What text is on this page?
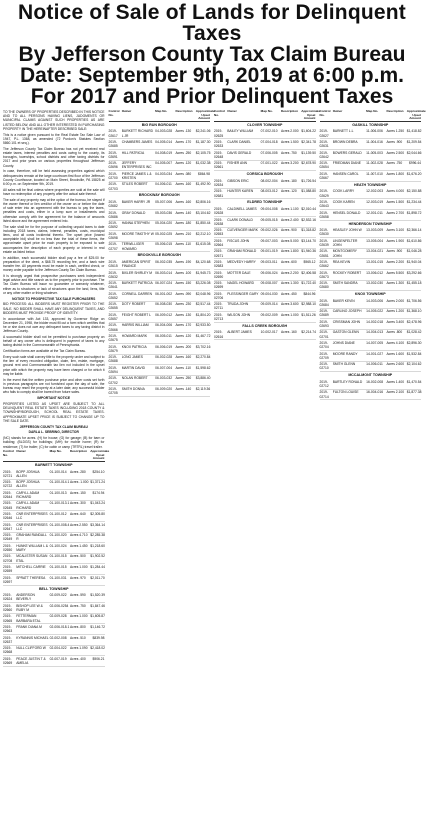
Notice of Sale of Lands for Delinquent Taxes
By Jefferson County Tax Claim Bureau
Date: September 9th, 2019 at 6:00 p.m.
For 2017 and Prior Delinquent Taxes

TO THE OWNERS OF PROPERTIES DESCRIBED IN THIS NOTICE AND TO ALL PERSONS HAVING LIENS, JUDGMENTS OR MUNICIPAL CLAIMS AGAINST SUCH PROPERTIES AS ARE LISTED BELOW, AND ALL OTHER INTERESTED IN PURCHASING PROPERTY IN THE HEREINAFTER DESCRIBED SALE:

This is a notice given pursuant to the Real Estate Tax Sale Law of 1947, P.L. 1368, as amended (72 Purdon's Statutes Section 5860.101 et seq.).

The Jefferson County Tax Claim Bureau has not yet received real estate taxes, interest penalties and costs owing to the county, its boroughs, townships, school districts and other taxing districts for 2017 and prior years on various properties throughout Jefferson County.

In case, therefore, will be held assessing properties against which delinquencies remain at the large courtroom first floor of the Jefferson County Courthouse, located on Main Street, Brookville, PA 15825 at 6:00 p.m. on September 9th, 2019.

All sales will be final unless where properties are sold at the sale will have no redemption of any property after the actual sale thereof.

The sale of any property may at the option of the bureau, be stayed if the owner thereof or lien creditor of the owner on or before the date of sale enter into an agreement with the bureau to pay the taxes, penalties and costs, either in a lump sum or installments and otherwise comply with the agreement for the balance of amounts listed above and the agreement entered into.

The sale shall be for the purpose of collecting unpaid taxes to date including 2018 taxes, claims, interest, penalties, costs, municipal liens, and all costs incidental thereto. The upset price (lowest acceptable bid) shall be no less than the total of these items, the approximate upset price for each property to be exposed to sale accompanies the description of each property or interest in real estate as listed below.

In addition, each successful bidder shall pay a fee of $25.00 for preparation of the deed, a $68.75 recording fee, and a bank wire transfer fee. All payments must be made in cash, certified check, or money order payable to the Jefferson County Tax Claim Bureau.

It is strongly urged that prospective purchasers seek independent legal advice and title search as to the property prior to purchase. The Tax Claim Bureau will issue no guarantee or warranty whatever, either as to structures or lack of structures upon the land, liens, title or any other matter or thing whatever.

NOTICE TO PROSPECTIVE TAX SALE PURCHASERS

BID PROCESS: ALL BIDDERS MUST REGISTER PRIOR TO THE SALE. NO BIDDER SHALL HAVE ANY DELINQUENT TAXES, AND BIDDERS MUST PROVIDE PROOF OF IDENTITY.

In accordance with Act 133, approved by Governor Ridge on December 21, 1998, the bidder must fill out a form which certifies that he or she does not owe any delinquent taxes to any taxing district in Jefferson County.

A successful bidder shall not be permitted to purchase property on behalf of any owner who is delinquent in payment of taxes to any taxing district in the Commonwealth of Pennsylvania.

Certification forms are available at the Tax Claim Bureau.

Every such sale shall convey title to the property under and subject to the lien of every recorded obligation, claim, lien, estate, mortgage, ground rent and Commonwealth tax lien not included in the upset price with which the property may have been charged or for which it may be liable.

In the event that the written purchase price and other costs set forth in previous paragraphs are not furnished upon the day of sale, the bureau may resell the property at a later date; any successful bidder who fails to comply shall be barred from future sales.

IMPORTANT NOTICE

PROPERTIES LISTED AS UPSET ARE SUBJECT TO ALL DELINQUENT REAL ESTATE TAXES INCLUDING 2018 COUNTY & TOWNSHIP/BOROUGH, SCHOOL REAL ESTATE TAXES. APPROXIMATE UPSET PRICE IS SUBJECT TO CHANGE UP TO THE SALE DATE.

JEFFERSON COUNTY TAX CLAIM BUREAU

DARLA L. SEBRING, DIRECTOR

(NC) stands for acres. (H) for house; (G) for garage; (B) for barn or building; (BLDGS) for buildings; (MH) for mobile home; (R) for residence; (T) for trailer; (C) for cabin or camp (TRTRL) travel trailer.

Control No.
Owner	Map No.	Description	Approximate Upset Amount
BARNETT TOWNSHIP
2019-02721
BOPP JOSHUA ALLEN
01-100-014	Acres .280	$254.10
2019-02722
BOPP JOSHUA ALLEN
01-100-014.1 Acres .1.000 $1,371.24
2019-02644
CARYLL ADAM RICHARD
01-100-013	Acres .150	$174.94
2019-02645
CARYLL ADAM RICHARD
01-100-013.1 Acres .300	$1,043.24
2019-02646
CNR ENTERPRISES LLC
01-100-012	Acres .640	$2,305.80
2019-02647
CNR ENTERPRISES LLC
01-100-008.4 Acres 2.550 $3,364.14
2019-02649
GRAHAM RANDALL R
01-100-020	Acres 4.710 $2,285.38
2019-02650
HUNKE WILLIAM L & MARY
01-100-024	Acres 1.450 $1,218.60
2019-02708
MCALISTER SUSAN ETAL
01-100-015	Acres .500	$1,902.52
2019-02659
MITCHELL CARRIE	01-100-015	Acres 1.000 $1,284.44
2019-02697
SPRATT THERESA	01-100-031	Acres .970	$2,011.70
BELL TOWNSHIP
2019-02624
ANDERSON BEVERLY
02-009-022	Acres .590	$1,520.39
2019-02660
BISHOP LEE W & RUBY M
02-006-0254 Acres .750	$1,847.46
2019-02665
FETTERMAN BARBARA ETAL
02-009-028	Acres 1.000 $1,605.87
2019-02663
FRANK DIANA M	02-006-018.1 Acres .800	$1,146.72
2019-02637
KYRANNIS MICHAEL 02-002-008	Acres .510	$839.98
2019-02668
NULL CLIFFORD W	02-004-022	Acres 1.090 $2,418.02
2019-02669
PEACE JUSTIN T & AMELIA
02-007-019	Acres .400	$906.21
Control No.
Owner	Map No.	Description	Approximate Upset Amount
BIG RUN BOROUGH
2019-02617
BURKETT RICHARD L JR
04-003-028	Acres .130	$2,241.06
2019-02685
CHAMBERS JAMES 04-005-014	Acres .170	$1,187.30
2019-02691
HILL PATRICIA	04-008-019	Acres .250	$2,105.75
2019-02696
JEFFERY ENTERPRISES INC
04-005-007	Acres .120	$1,032.38
2019-02700
PIERCE JAMES L & KRISTEN
04-003-034	Acres .080	$864.98
2019-02703
STILES ROBERT	04-006-011	Acres .160	$1,492.90
BROCKWAY BOROUGH
2019-02682
BAKER HARRY JR	05-007-006	Acres .160	$2,806.16
2019-02686
GRAY DONALD	05-003-036	Acres .140	$3,104.62
2019-02692
HANNA STEPHEN	05-004-020	Acres .180	$1,850.44
2019-02698
MOORE TIMOTHY W 05-002-025	Acres .210	$2,212.10
2019-02707
TERWILLIGER HOWARD
05-006-015	Acres .110	$1,615.08
BROOKVILLE BOROUGH
2019-02615
AMERICAN SPIRIT FINANCE
06-002-035	Acres .190	$4,120.68
2019-02632
BIXLER SHIRLEY M 06-003-014	Acres .100	$1,945.73
2019-02641
BURKETT PATRICIA 06-007-024	Acres .150	$3,226.08
2019-02652
CORNELL DARREN 06-001-002	Acres .090	$2,048.96
2019-02655
DOTY ROBERT	06-008-030	Acres .230	$2,517.44
2019-02657
FEIGHT ROBERT L	06-009-012	Acres .130	$1,804.20
2019-02666
HARRIS WILLIAM	06-004-006	Acres .170	$2,933.50
2019-02675
HOWARD MARK	06-005-011	Acres .120	$1,467.72
2019-02679
KNOX PATRICIA	06-006-019	Acres .200	$3,702.16
2019-02688
LONG JAMES	06-002-028	Acres .160	$2,270.84
2019-02694
MARTIN DAVID	06-007-004	Acres .110	$1,598.62
2019-02702
NOLAN ROBERT	06-003-032	Acres .250	$3,886.40
2019-02705
SMITH DONNA	06-009-020	Acres .140	$2,119.36
Control No.
Owner	Map No.	Description	Approximate Upset Amount
CLOVER TOWNSHIP
2019-02625
BAILEY WILLIAM	07-002-010	Acres 2.000 $1,604.22
2019-02633
CLARK DANIEL	07-004-018	Acres 1.500 $2,341.78
2019-02648
DAVIS GERALD	07-006-005	Acres .750	$1,139.50
2019-02661
FISHER ANN	07-001-022	Acres 3.200 $2,678.90
CORSICA BOROUGH
2019-02634
GIBSON ERIC	08-002-004	Acres .180	$1,726.54
2019-02681
HUNTER KAREN	08-003-012	Acres .120	$1,088.80
ELDRED TOWNSHIP
2019-02628
CALDWELL JAMES	09-004-008	Acres 1.100 $2,010.44
2019-02638
CLARK DONALD	09-005-015	Acres 2.400 $2,532.16
2019-02653
CLEVENGER MARK 09-002-026	Acres .900	$1,318.82
2019-02664
FISCUS JOHN	09-007-003	Acres 5.000 $3,144.70
2019-02671
GRAHAM RONALD	09-001-019	Acres 1.800 $1,940.36
2019-02683
MEDVEDY HARRY	09-003-011	Acres .600	$965.12
2019-02690
MOTTER DALE	09-006-024	Acres 2.200 $2,406.58
2019-02699
NAGEL HOWARD	09-008-007	Acres 1.300 $1,722.40
2019-02706
PLESSINGER GARY 09-004-030	Acres .450	$844.96
2019-02711
TRUDA JOHN	09-009-014	Acres 3.600 $2,988.10
2019-02713
WILSON JOHN	09-002-009	Acres 1.000 $1,511.26
FALLS CREEK BOROUGH
2019-02616
ALBERT JAMES	10-002-017	Acres .160	$2,214.74
Control No.
Owner	Map No.	Description	Approximate Upset Amount
GASKILL TOWNSHIP
2019-02627
BARNETT L.L	11-006-006	Acres 1.250 $1,418.82
2019-02631
BROWN DEBRA	11-004-016	Acres .900	$1,209.54
2019-02642
BOWERS GERALD	11-005-003	Acres 2.500 $2,044.66
2019-02654
FRIEDMAN DIANE	11-002-028	Acres .750	$996.44
2019-02667
HANSEN CAROL	11-007-010	Acres 1.800 $1,676.20
HEATH TOWNSHIP
2019-02629
COOK LARRY	12-002-003	Acres 4.000 $2,150.88
2019-02643
COOK KAREN	12-003-019	Acres 1.500 $1,234.44
2019-02658
HENSEL DONALD	12-001-011	Acres 2.700 $1,898.72
HENDERSON TOWNSHIP
2019-02630
HEASLEY JOHN W	13-003-009	Acres 3.100 $2,366.14
2019-02639
LINGENFELTER JOHN
13-005-004	Acres 1.900 $1,610.86
2019-02651
MONTGOMERY JOHN
13-004-021	Acres .900	$1,046.28
2019-02662
REA KEVIN	13-001-015	Acres 2.200 $1,940.04
2019-02673
ROCKEY ROBERT	13-006-012	Acres 5.500 $3,292.66
2019-02680
SMITH SANDRA	13-002-030	Acres 1.300 $1,455.18
KNOX TOWNSHIP
2019-02684
BAKER KEVIN	14-003-006	Acres 2.000 $1,706.56
2019-02689
CARLINO JOSEPH	14-005-022	Acres 1.200 $1,368.10
2019-02693
CRISSMAN JOHN	14-002-018	Acres 3.400 $2,478.96
2019-02701
GASTON GLENN	14-004-013	Acres .800	$1,028.42
2019-02704
JOHNS DIANE	14-007-005	Acres 4.100 $2,896.30
2019-02709
MOORE RANDY	14-001-027	Acres 1.600 $1,532.84
2019-02710
SMITH GLENN	14-006-011	Acres 2.600 $2,104.62
MCCALMONT TOWNSHIP
2019-02712
BARTLEY RONALD	16-002-008	Acres 1.400 $1,470.54
2019-02714
FULTON LOUISE	16-004-016	Acres 2.100 $1,877.38
